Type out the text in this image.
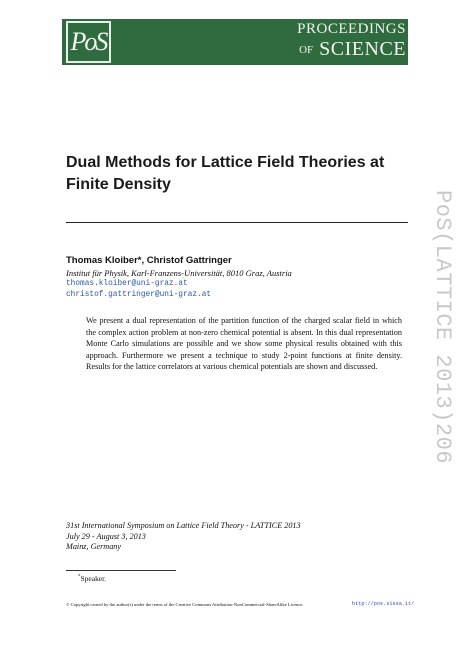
PoS	PROCEEDINGS
OF SCIENCE
PoS(LATTICE 2013)206
Dual Methods for Lattice Field Theories at Finite Density
Thomas Kloiber*, Christof Gattringer
Institut für Physik, Karl-Franzens-Universität, 8010 Graz, Austria
thomas.kloiber@uni-graz.at
christof.gattringer@uni-graz.at

We present a dual representation of the partition function of the charged scalar field in which the complex action problem at non-zero chemical potential is absent. In this dual representation Monte Carlo simulations are possible and we show some physical results obtained with this approach. Furthermore we present a technique to study 2-point functions at finite density. Results for the lattice correlators at various chemical potentials are shown and discussed.

31st International Symposium on Lattice Field Theory - LATTICE 2013
July 29 - August 3, 2013
Mainz, Germany
*Speaker.
© Copyright owned by the author(s) under the terms of the Creative Commons Attribution-NonCommercial-ShareAlike Licence.	http://pos.sissa.it/
